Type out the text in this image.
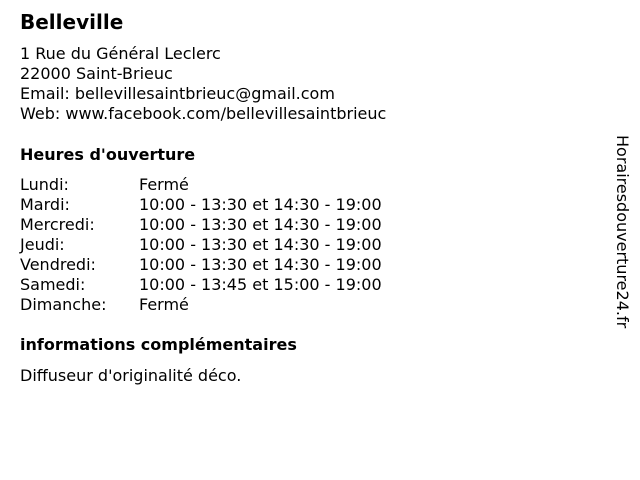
Belleville
1 Rue du Général Leclerc
22000 Saint-Brieuc
Email: bellevillesaintbrieuc@gmail.com
Web: www.facebook.com/bellevillesaintbrieuc
Heures d'ouverture
Lundi:	Fermé
Mardi:	10:00 - 13:30 et 14:30 - 19:00
Mercredi:	10:00 - 13:30 et 14:30 - 19:00
Jeudi:	10:00 - 13:30 et 14:30 - 19:00
Vendredi:	10:00 - 13:30 et 14:30 - 19:00
Samedi:	10:00 - 13:45 et 15:00 - 19:00
Dimanche: Fermé
informations complémentaires
Diffuseur d'originalité déco.
Horairesdouverture24.fr
